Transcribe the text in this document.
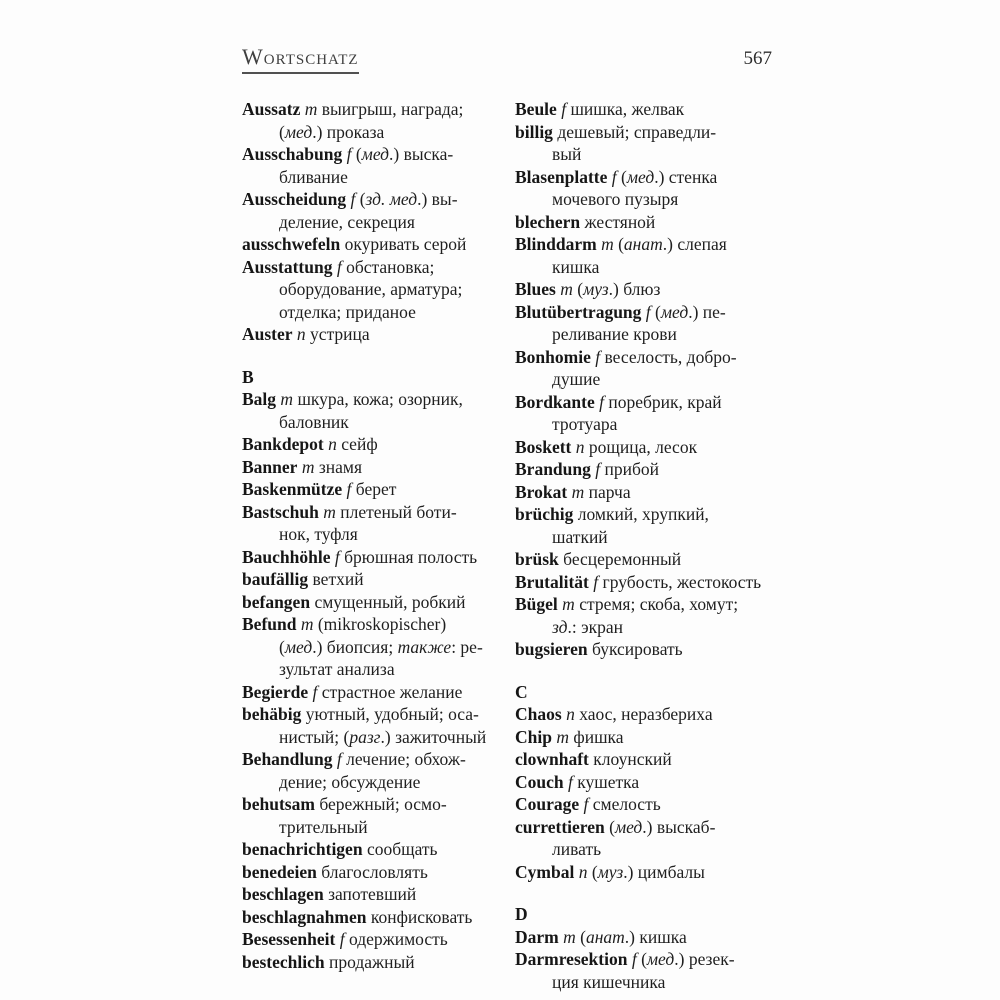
Wortschatz	567
Aussatz m выигрыш, награда;
(мед.) проказа
Ausschabung f (мед.) выска-
бливание
Ausscheidung f (зд. мед.) вы-
деление, секреция
ausschwefeln окуривать серой
Ausstattung f обстановка;
оборудование, арматура;
отделка; приданое
Auster n устрица
B
Balg m шкура, кожа; озорник,
баловник
Bankdepot n сейф
Banner m знамя
Baskenmütze f берет
Bastschuh m плетеный боти-
нок, туфля
Bauchhöhle f брюшная полость
baufällig ветхий
befangen смущенный, робкий
Befund m (mikroskopischer)
(мед.) биопсия; также: ре-
зультат анализа
Begierde f страстное желание
behäbig уютный, удобный; оса-
нистый; (разг.) зажиточный
Behandlung f лечение; обхож-
дение; обсуждение
behutsam бережный; осмо-
трительный
benachrichtigen сообщать
benedeien благословлять
beschlagen запотевший
beschlagnahmen конфисковать
Besessenheit f одержимость
bestechlich продажный
Beule f шишка, желвак
billig дешевый; справедли-
вый
Blasenplatte f (мед.) стенка
мочевого пузыря
blechern жестяной
Blinddarm m (анат.) слепая
кишка
Blues m (муз.) блюз
Blutübertragung f (мед.) пе-
реливание крови
Bonhomie f веселость, добро-
душие
Bordkante f поребрик, край
тротуара
Boskett n рощица, лесок
Brandung f прибой
Brokat m парча
brüchig ломкий, хрупкий,
шаткий
brüsk бесцеремонный
Brutalität f грубость, жестокость
Bügel m стремя; скоба, хомут;
зд.: экран
bugsieren буксировать
C
Chaos n хаос, неразбериха
Chip m фишка
clownhaft клоунский
Couch f кушетка
Courage f смелость
currettieren (мед.) выскаб-
ливать
Cymbal n (муз.) цимбалы
D
Darm m (анат.) кишка
Darmresektion f (мед.) резек-
ция кишечника
